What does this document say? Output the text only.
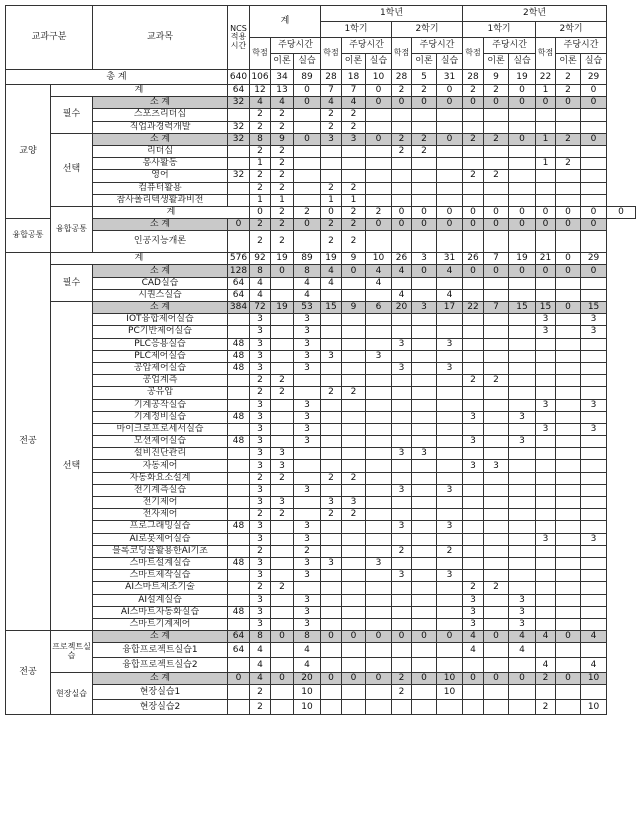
교과구분		교과목	NCS 적용 시간	계			1학년						2학년						
							1학기			2학기			1학기			2학기			
				학점	주당시간		학점	주당시간		학점	주당시간		학점	주당시간		학점	주당시간		
					이론	실습		이론	실습		이론	실습		이론	실습		이론	실습	
총 계			640	106	34	89	28	18	10	28	5	31	28	9	19	22	2	29	
교양	계		64	12	13	0	7	7	0	2	2	0	2	2	0	1	2	0	
	필수	소 계	32	4	4	0	4	4	0	0	0	0	0	0	0	0	0	0	
		스포츠리더십		2	2		2	2											
		직업과경력개발	32	2	2		2	2											
	선택	소 계	32	8	9	0	3	3	0	2	2	0	2	2	0	1	2	0	
		리더십		2	2					2	2								
		봉사활동		1	2											1	2		
		영어	32	2	2								2	2					
		컴퓨터활용		2	2		2	2											
		참사폴리텍생활과비전		1	1		1	1											
	융합공통	계		0	2	2	0	2	2	0	0	0	0	0	0	0	0	0	0
융합공통		소 계	0	2	2	0	2	2	0	0	0	0	0	0	0	0	0	0	
		인공지능개론		2	2		2	2											
전공	계		576	92	19	89	19	9	10	26	3	31	26	7	19	21	0	29	
	필수	소 계	128	8	0	8	4	0	4	4	0	4	0	0	0	0	0	0	
		CAD실습	64	4		4	4		4										
		시퀀스실습	64	4		4				4		4							
	선택	소 계	384	72	19	53	15	9	6	20	3	17	22	7	15	15	0	15	
		IOT융합제어실습		3		3										3		3	
		PC기반제어실습		3		3										3		3	
		PLC응용실습	48	3		3				3		3							
		PLC제어실습	48	3		3	3		3										
		공압제어실습	48	3		3				3		3							
		공업계측		2	2								2	2					
		공유압		2	2		2	2											
		기계공작실습		3		3										3		3	
		기계정비실습	48	3		3							3		3				
		마이크로프로세서실습		3		3										3		3	
		모션제어실습	48	3		3							3		3				
		설비진단관리		3	3					3	3								
		자동제어		3	3								3	3					
		자동화요소설계		2	2		2	2											
		전기계측실습		3		3				3		3							
		전기제어		3	3		3	3											
		전자제어		2	2		2	2											
		프로그래밍실습	48	3		3				3		3							
		AI로봇제어실습		3		3										3		3	
		블록코딩을활용한AI기초		2		2				2		2							
		스마트설계실습	48	3		3	3		3										
		스마트제작실습		3		3				3		3							
		AI스마트제조기술		2	2								2	2					
		AI설계실습		3		3							3		3				
		AI스마트자동화실습	48	3		3							3		3				
		스마트기계제어		3		3							3		3				
전공	프로젝트실습	소 계	64	8	0	8	0	0	0	0	0	0	4	0	4	4	0	4	
		융합프로젝트실습1	64	4		4							4		4				
		융합프로젝트실습2		4		4										4		4	
	현장실습	소 계	0	4	0	20	0	0	0	2	0	10	0	0	0	2	0	10	
		현장실습1		2		10				2		10							
		현장실습2		2		10										2		10	
